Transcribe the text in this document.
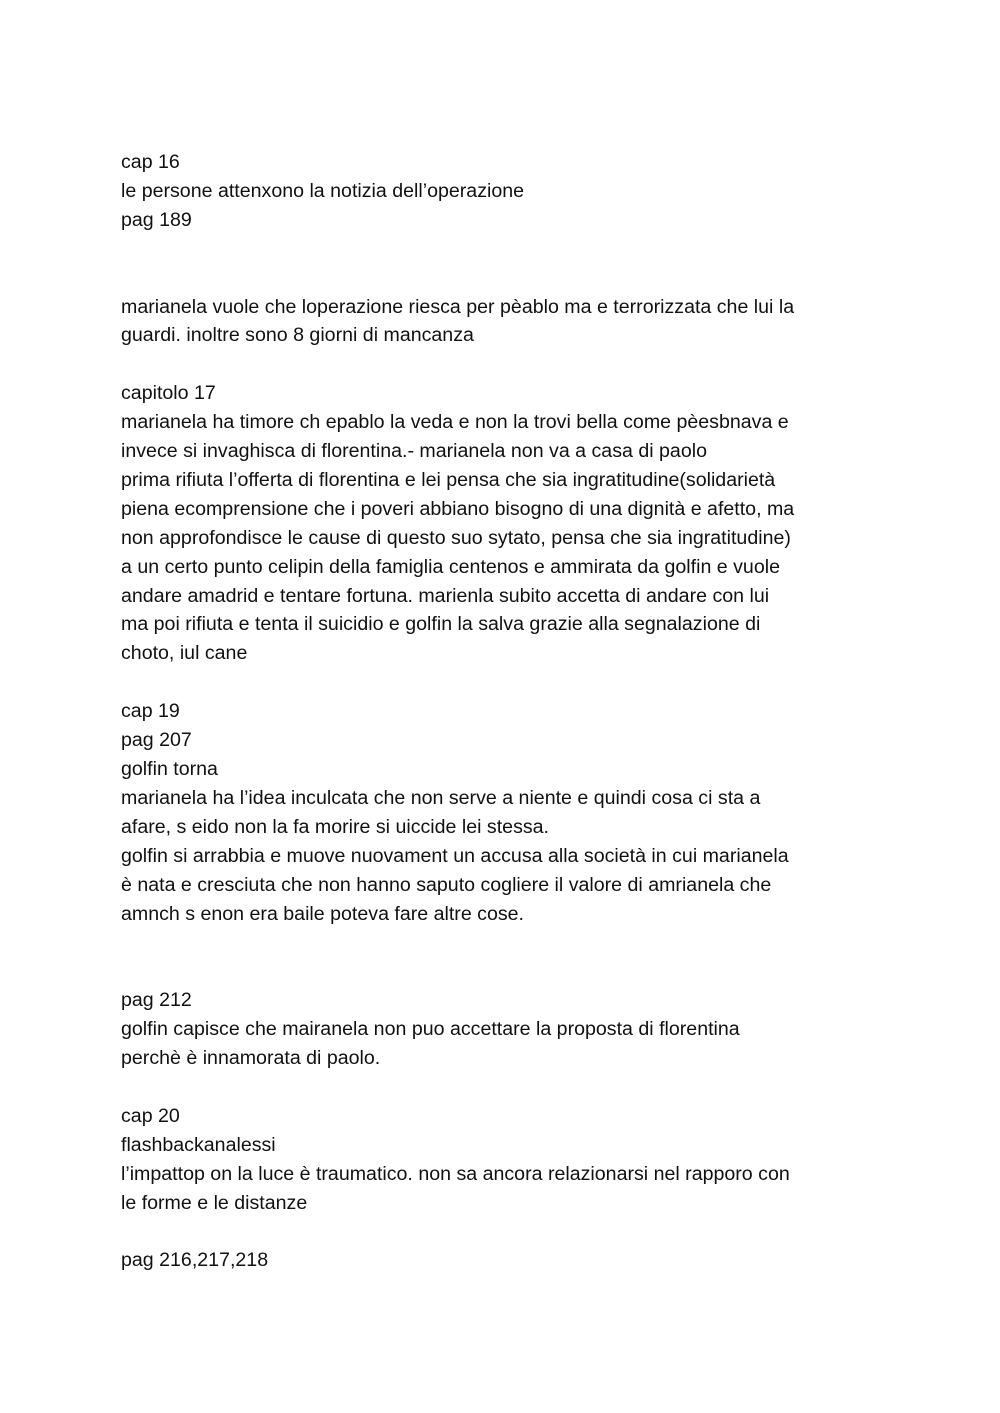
cap 16
le persone attenxono la notizia dell’operazione
pag 189
marianela vuole che loperazione riesca per pèablo ma e terrorizzata che lui la
guardi. inoltre sono 8 giorni di mancanza
capitolo 17
marianela ha timore ch epablo la veda e non la trovi bella come pèesbnava e
invece si invaghisca di florentina.- marianela non va a casa di paolo
prima rifiuta l’offerta di florentina e lei pensa che sia ingratitudine(solidarietà
piena ecomprensione che i poveri abbiano bisogno di una dignità e afetto, ma
non approfondisce le cause di questo suo sytato, pensa che sia ingratitudine)
a un certo punto celipin della famiglia centenos e ammirata da golfin e vuole
andare amadrid e tentare fortuna. marienla subito accetta di andare con lui
ma poi rifiuta e tenta il suicidio e golfin la salva grazie alla segnalazione di
choto, iul cane
cap 19
pag 207
golfin torna
marianela ha l’idea inculcata che non serve a niente e quindi cosa ci sta a
afare, s eido non la fa morire si uiccide lei stessa.
golfin si arrabbia e muove nuovament un accusa alla società in cui marianela
è nata e cresciuta che non hanno saputo cogliere il valore di amrianela che
amnch s enon era baile poteva fare altre cose.
pag 212
golfin capisce che mairanela non puo accettare la proposta di florentina
perchè è innamorata di paolo.
cap 20
flashbackanalessi
l’impattop on la luce è traumatico. non sa ancora relazionarsi nel rapporo con
le forme e le distanze
pag 216,217,218
